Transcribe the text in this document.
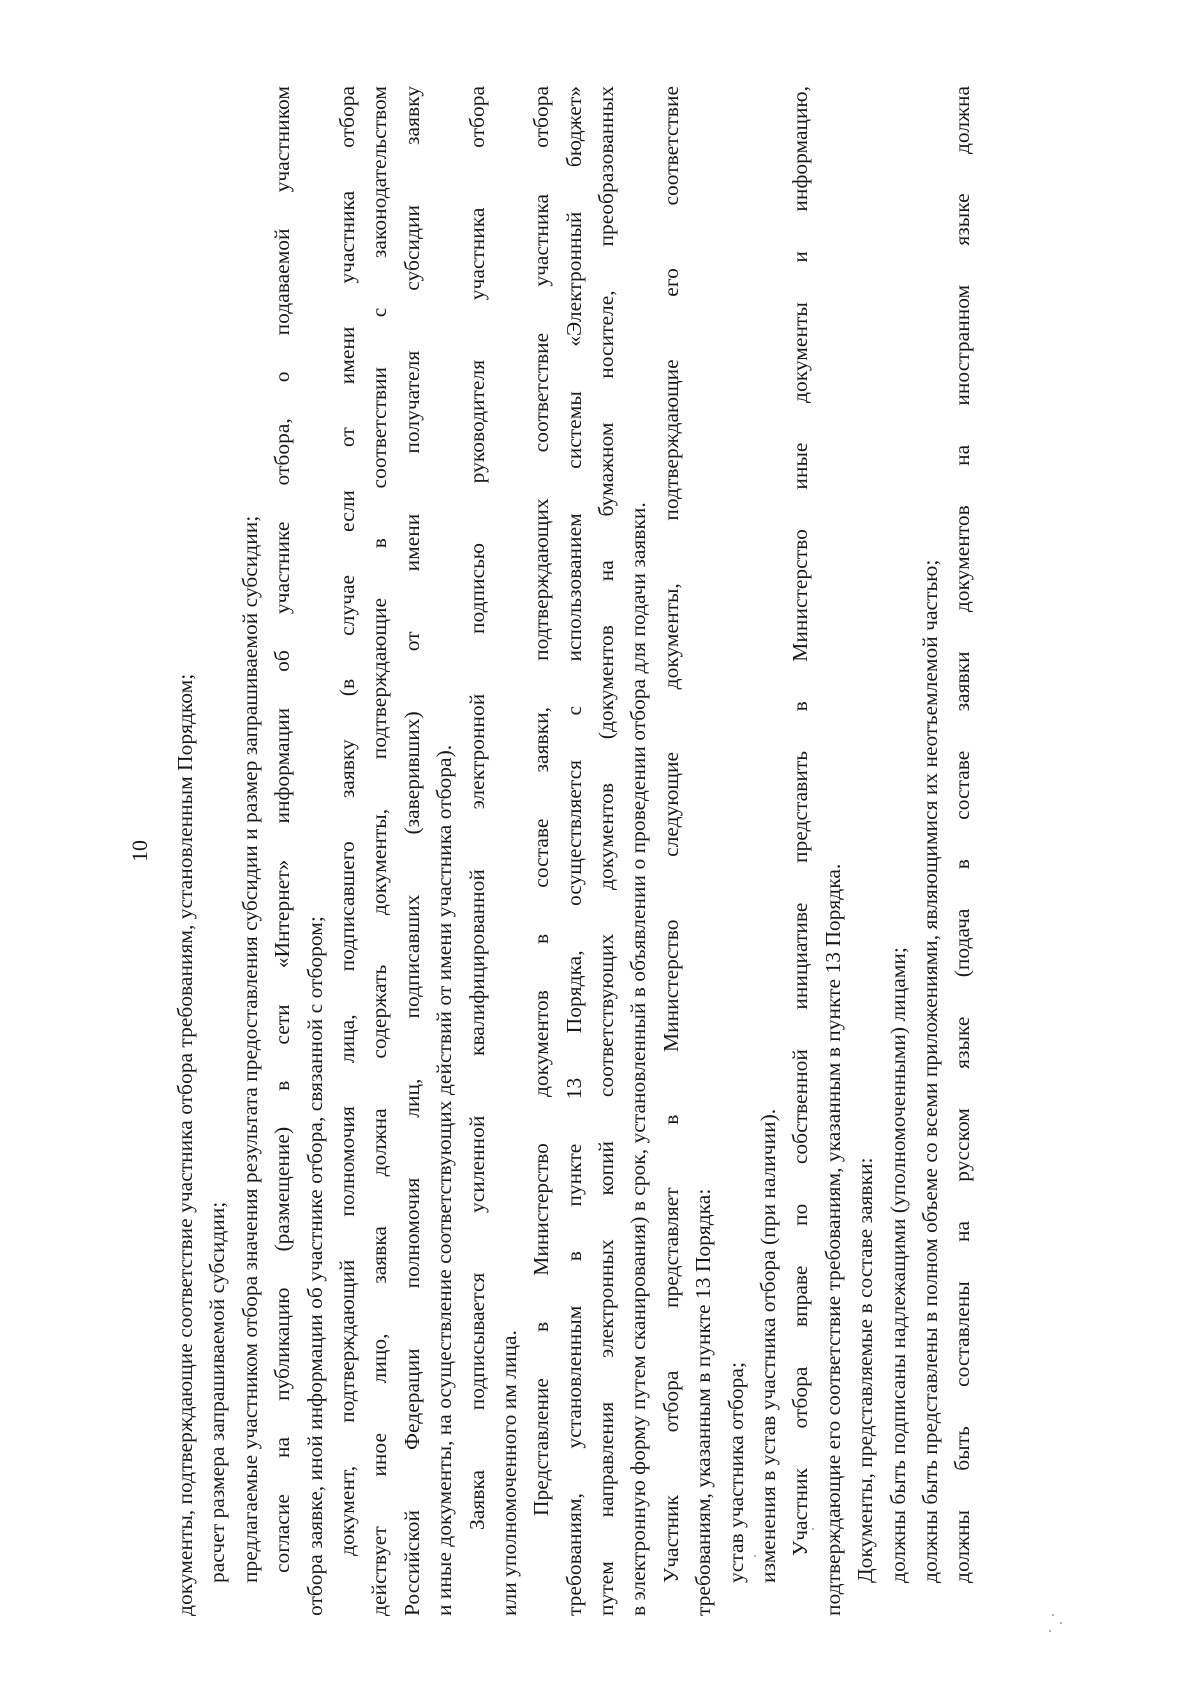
10 документы, подтверждающие соответствие участника отбора требованиям, установленным Порядком; расчет размера запрашиваемой субсидии; предлагаемые участником отбора значения результата предоставления субсидии и размер запрашиваемой субсидии; согласие на публикацию (размещение) в сети «Интернет» информации об участнике отбора, о подаваемой участником отбора заявке, иной информации об участнике отбора, связанной с отбором; документ, подтверждающий полномочия лица, подписавшего заявку (в случае если от имени участника отбора действует иное лицо, заявка должна содержать документы, подтверждающие в соответствии с законодательством Российской Федерации полномочия лиц, подписавших (заверивших) от имени получателя субсидии заявку и иные документы, на осуществление соответствующих действий от имени участника отбора). Заявка подписывается усиленной квалифицированной электронной подписью руководителя участника отбора или уполномоченного им лица. Представление в Министерство документов в составе заявки, подтверждающих соответствие участника отбора требованиям, установленным в пункте 13 Порядка, осуществляется с использованием системы «Электронный бюджет» путем направления электронных копий соответствующих документов (документов на бумажном носителе, преобразованных в электронную форму путем сканирования) в срок, установленный в объявлении о проведении отбора для подачи заявки. Участник отбора представляет в Министерство следующие документы, подтверждающие его соответствие требованиям, указанным в пункте 13 Порядка: устав участника отбора; изменения в устав участника отбора (при наличии). Участник отбора вправе по собственной инициативе представить в Министерство иные документы и информацию, подтверждающие его соответствие требованиям, указанным в пункте 13 Порядка. Документы, представляемые в составе заявки: должны быть подписаны надлежащими (уполномоченными) лицами; должны быть представлены в полном объеме со всеми приложениями, являющимися их неотъемлемой частью; должны быть составлены на русском языке (подача в составе заявки документов на иностранном языке должна
